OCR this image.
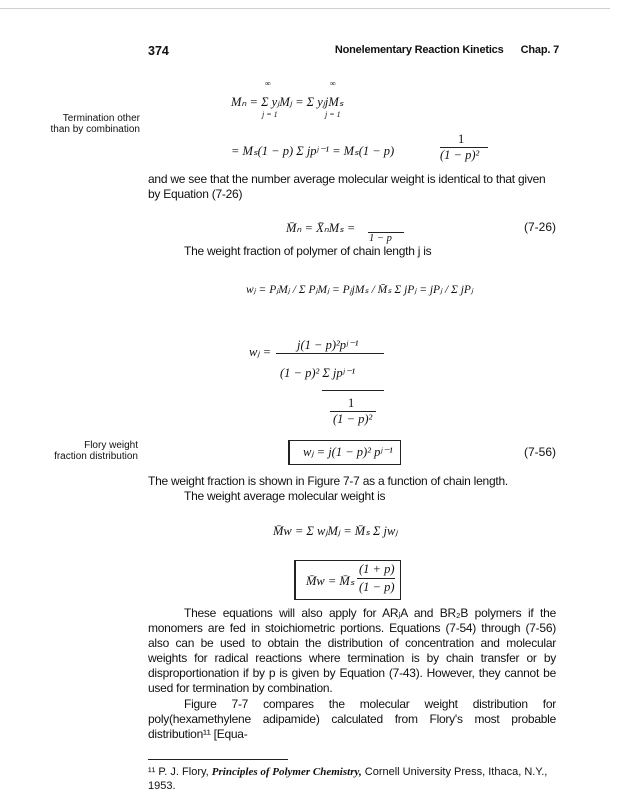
374	Nonelementary Reaction Kinetics      Chap. 7
Termination other
than by combination
∞	∞
Mₙ = Σ yⱼMⱼ = Σ yⱼjMₛ
j = 1	j = 1
= Mₛ(1 − p) Σ jpʲ⁻¹ = Mₛ(1 − p)
1
(1 − p)²
and we see that the number average molecular weight is identical to that given by Equation (7-26)
M̄ₙ = X̄ₙMₛ =
1 − p
(7-26)
The weight fraction of polymer of chain length j is
wⱼ = PⱼMⱼ / Σ PⱼMⱼ = PⱼjMₛ / M̄ₛ Σ jPⱼ = jPⱼ / Σ jPⱼ
j(1 − p)²pʲ⁻¹
wⱼ =
(1 − p)² Σ jpʲ⁻¹
1
(1 − p)²
Flory weight
fraction distribution	wⱼ = j(1 − p)² pʲ⁻¹	(7-56)
The weight fraction is shown in Figure 7-7 as a function of chain length.
The weight average molecular weight is
M̄w = Σ wⱼMⱼ = M̄ₛ Σ jwⱼ
M̄w = M̄ₛ
(1 + p)
(1 − p)
These equations will also apply for ARⱼA and BR₂B polymers if the monomers are fed in stoichiometric portions. Equations (7-54) through (7-56) also can be used to obtain the distribution of concentration and molecular weights for radical reactions where termination is by chain transfer or by disproportionation if by p is given by Equation (7-43). However, they cannot be used for termination by combination.
Figure 7-7 compares the molecular weight distribution for poly(hexamethylene adipamide) calculated from Flory's most probable distribution¹¹ [Equa-
¹¹ P. J. Flory, Principles of Polymer Chemistry, Cornell University Press, Ithaca, N.Y., 1953.
